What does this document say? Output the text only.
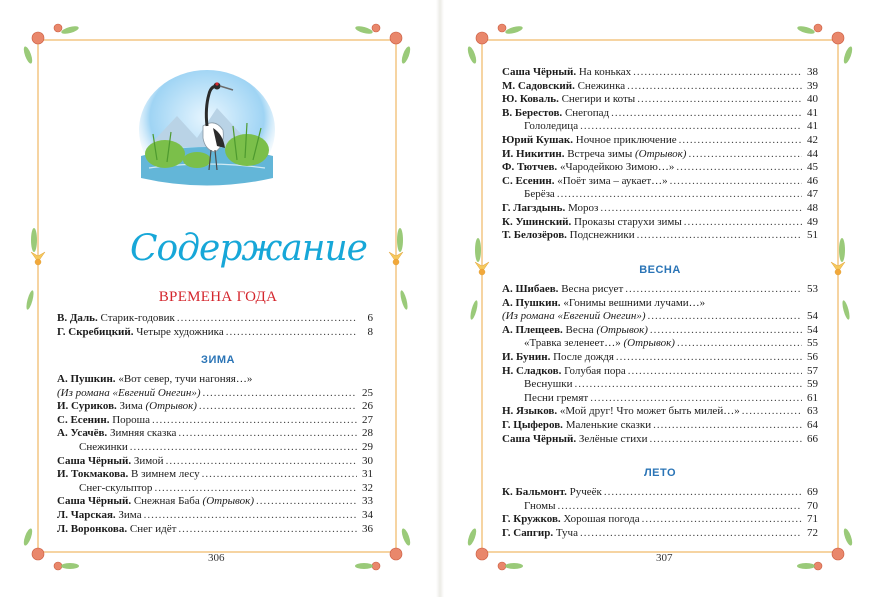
Содержание
ВРЕМЕНА ГОДА
В. Даль. Старик-годовик .....	6
Г. Скребицкий. Четыре художника .....	8
ЗИМА
А. Пушкин. «Вот север, тучи нагоняя…»
(Из романа «Евгений Онегин») .....	25
И. Суриков. Зима (Отрывок) .....	26
С. Есенин. Пороша .....	27
А. Усачёв. Зимняя сказка .....	28
Снежинки .....	29
Саша Чёрный. Зимой .....	30
И. Токмакова. В зимнем лесу .....	31
Снег-скульптор .....	32
Саша Чёрный. Снежная Баба (Отрывок) .....	33
Л. Чарская. Зима .....	34
Л. Воронкова. Снег идёт .....	36
306
Саша Чёрный. На коньках .....	38
М. Садовский. Снежинка .....	39
Ю. Коваль. Снегири и коты .....	40
В. Берестов. Снегопад .....	41
Гололедица .....	41
Юрий Кушак. Ночное приключение .....	42
И. Никитин. Встреча зимы (Отрывок) .....	44
Ф. Тютчев. «Чародейкою Зимою…» .....	45
С. Есенин. «Поёт зима – аукает…» .....	46
Берёза .....	47
Г. Лагздынь. Мороз .....	48
К. Ушинский. Проказы старухи зимы .....	49
Т. Белозёров. Подснежники .....	51
ВЕСНА
А. Шибаев. Весна рисует .....	53
А. Пушкин. «Гонимы вешними лучами…»
(Из романа «Евгений Онегин») .....	54
А. Плещеев. Весна (Отрывок) .....	54
«Травка зеленеет…» (Отрывок) .....	55
И. Бунин. После дождя .....	56
Н. Сладков. Голубая пора .....	57
Веснушки .....	59
Песни гремят .....	61
Н. Языков. «Мой друг! Что может быть милей…» .....	63
Г. Цыферов. Маленькие сказки .....	64
Саша Чёрный. Зелёные стихи .....	66
ЛЕТО
К. Бальмонт. Ручеёк .....	69
Гномы .....	70
Г. Кружков. Хорошая погода .....	71
Г. Сапгир. Туча .....	72
307
